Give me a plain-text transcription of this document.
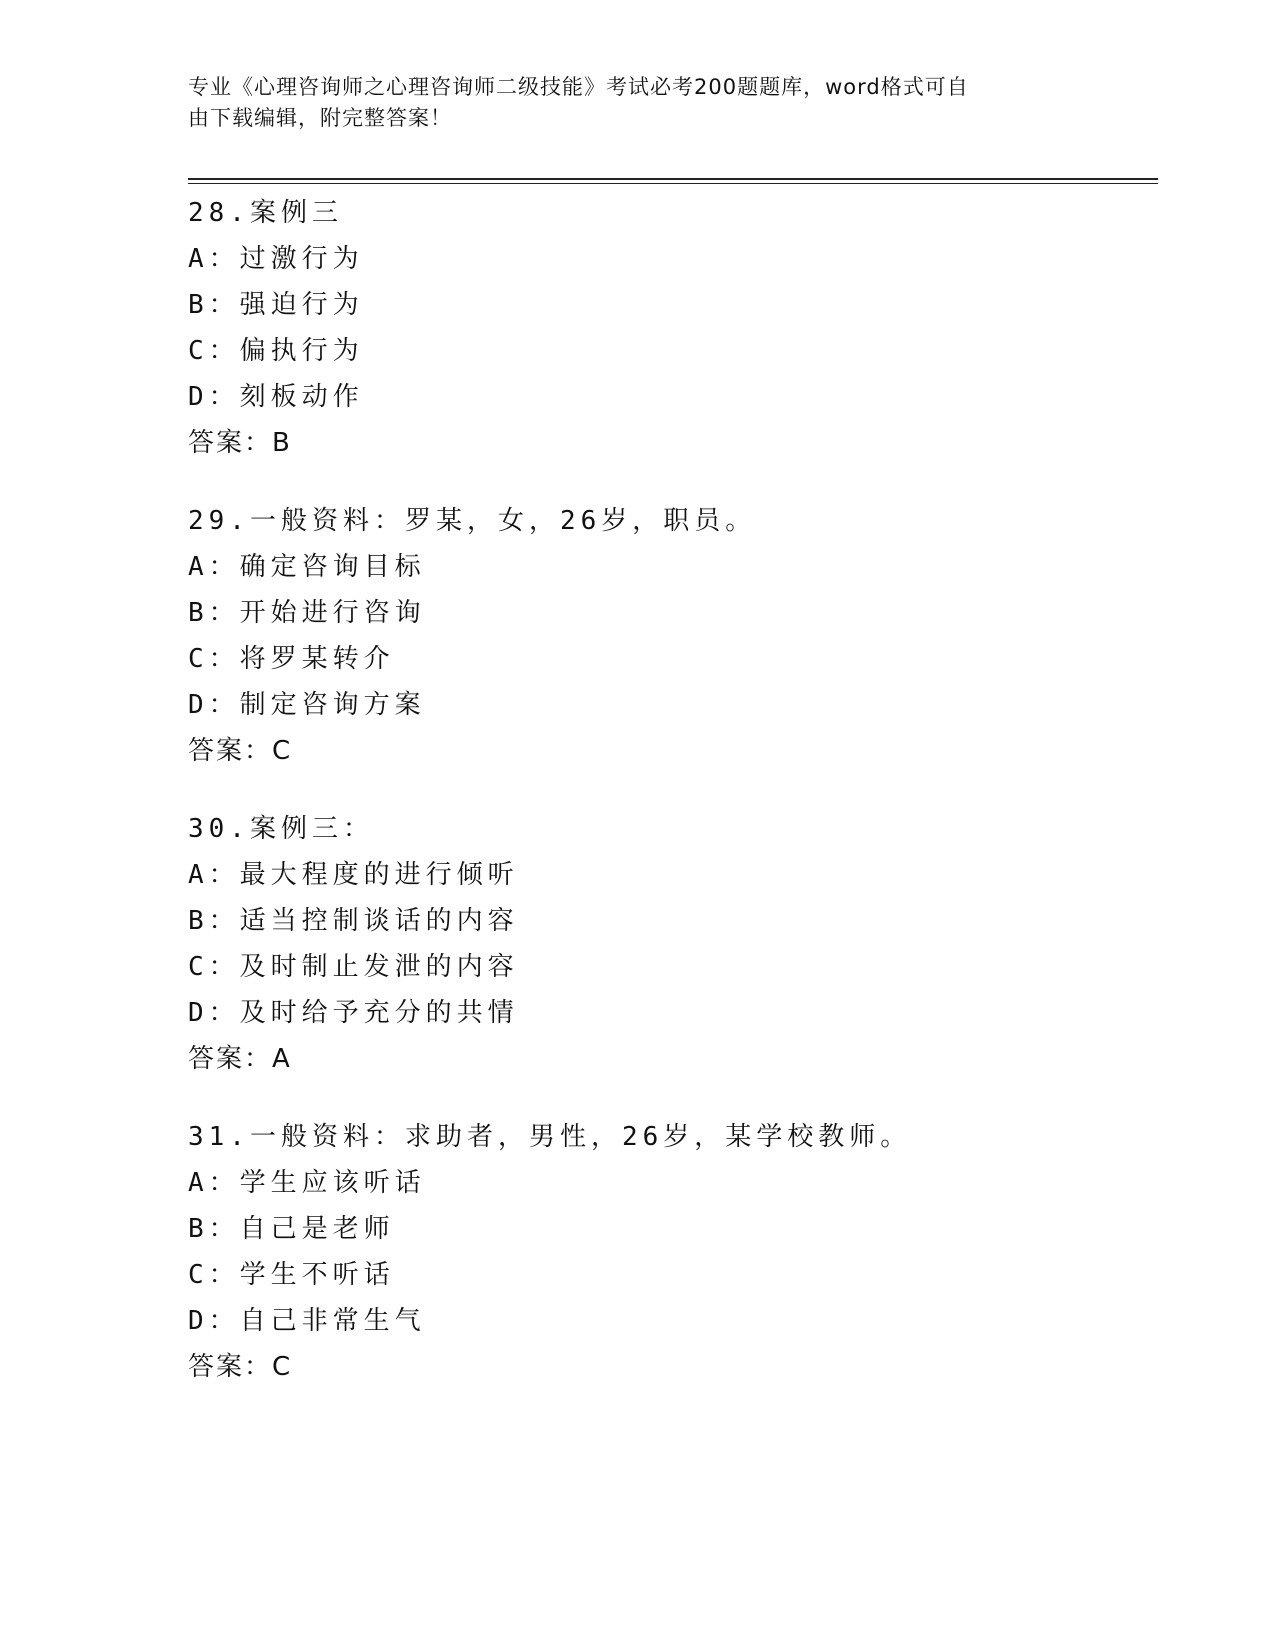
专业《心理咨询师之心理咨询师二级技能》考试必考200题题库，word格式可自
由下载编辑，附完整答案！
28.案例三
A：过激行为
B：强迫行为
C：偏执行为
D：刻板动作
答案：B
29.一般资料：罗某，女，26岁，职员。
A：确定咨询目标
B：开始进行咨询
C：将罗某转介
D：制定咨询方案
答案：C
30.案例三：
A：最大程度的进行倾听
B：适当控制谈话的内容
C：及时制止发泄的内容
D：及时给予充分的共情
答案：A
31.一般资料：求助者，男性，26岁，某学校教师。
A：学生应该听话
B：自己是老师
C：学生不听话
D：自己非常生气
答案：C
